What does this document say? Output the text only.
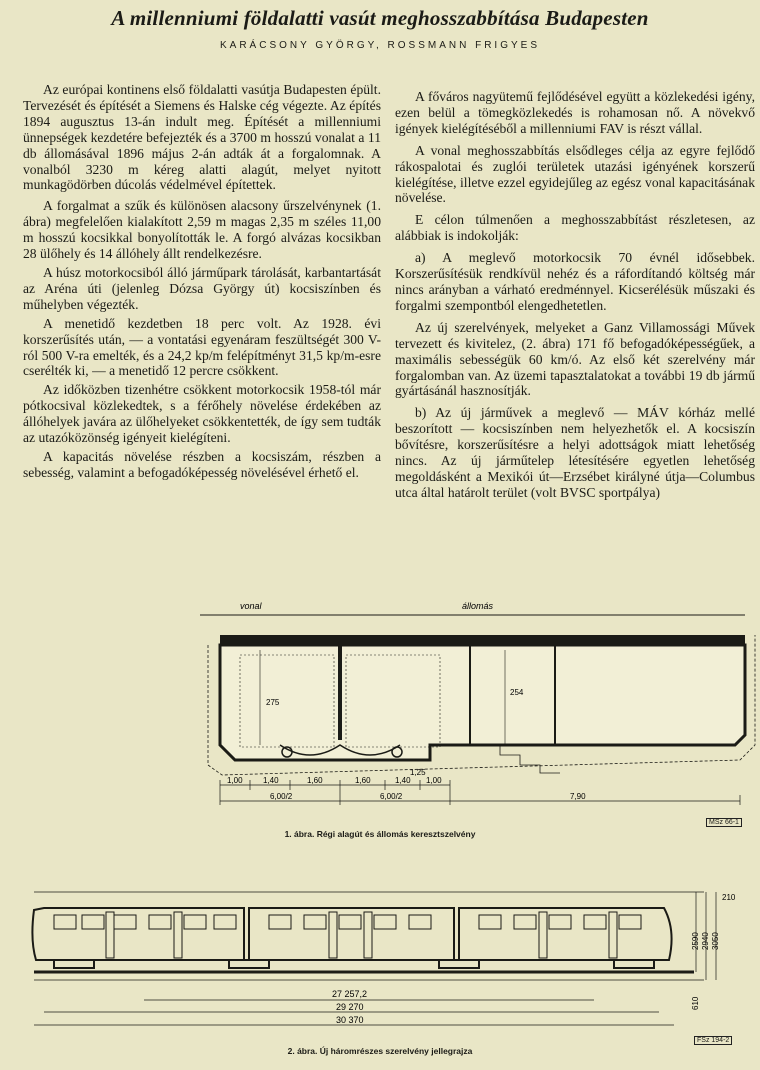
A millenniumi földalatti vasút meghosszabbítása Budapesten
KARÁCSONY GYÖRGY, ROSSMANN FRIGYES

Az európai kontinens első földalatti vasútja Budapesten épült. Tervezését és építését a Siemens és Halske cég végezte. Az építés 1894 augusztus 13-án indult meg. Építését a millenniumi ünnepségek kezdetére befejezték és a 3700 m hosszú vonalat a 11 db állomásával 1896 május 2-án adták át a forgalomnak. A vonalból 3230 m kéreg alatti alagút, melyet nyitott munkagödörben dúcolás védelmével építettek.

A forgalmat a szűk és különösen alacsony űrszelvénynek (1. ábra) megfelelően kialakított 2,59 m magas 2,35 m széles 11,00 m hosszú kocsikkal bonyolították le. A forgó alvázas kocsikban 28 ülőhely és 14 állóhely állt rendelkezésre.

A húsz motorkocsiból álló járműpark tárolását, karbantartását az Aréna úti (jelenleg Dózsa György út) kocsiszínben és műhelyben végezték.

A menetidő kezdetben 18 perc volt. Az 1928. évi korszerűsítés után, — a vontatási egyenáram feszültségét 300 V-ról 500 V-ra emelték, és a 24,2 kp/m felépítményt 31,5 kp/m-esre cserélték ki, — a menetidő 12 percre csökkent.

Az időközben tizenhétre csökkent motorkocsik 1958-tól már pótkocsival közlekedtek, s a férőhely növelése érdekében az állóhelyek javára az ülőhelyeket csökkentették, de így sem tudták az utazóközönség igényeit kielégíteni.

A kapacitás növelése részben a kocsiszám, részben a sebesség, valamint a befogadóképesség növelésével érhető el.

A főváros nagyütemű fejlődésével együtt a közlekedési igény, ezen belül a tömegközlekedés is rohamosan nő. A növekvő igények kielégítéséből a millenniumi FAV is részt vállal.

A vonal meghosszabbítás elsődleges célja az egyre fejlődő rákospalotai és zuglói területek utazási igényének korszerű kielégítése, illetve ezzel egyidejűleg az egész vonal kapacitásának növelése.

E célon túlmenően a meghosszabbítást részletesen, az alábbiak is indokolják:

a) A meglevő motorkocsik 70 évnél idősebbek. Korszerűsítésük rendkívül nehéz és a ráfordítandó költség már nincs arányban a várható eredménnyel. Kicserélésük műszaki és forgalmi szempontból elengedhetetlen.

Az új szerelvények, melyeket a Ganz Villamossági Művek tervezett és kivitelez, (2. ábra) 171 fő befogadóképességűek, a maximális sebességük 60 km/ó. Az első két szerelvény már forgalomban van. Az üzemi tapasztalatokat a további 19 db jármű gyártásánál hasznosítják.

b) Az új járművek a meglevő — MÁV kórház mellé beszorított — kocsiszínben nem helyezhetők el. A kocsiszín bővítésre, korszerűsítésre a helyi adottságok miatt lehetőség nincs. Az új járműtelep létesítésére egyetlen lehetőség megoldásként a Mexikói út—Erzsébet királyné útja—Columbus utca által határolt terület (volt BVSC sportpálya)

vonal	állomás
275
254
1,00	1,40	1,60	1,60	1,40 1,00
1,25
6,00/2	6,00/2	7,90
MSz 66-1
1. ábra. Régi alagút és állomás keresztszelvény
27 257,2
29 270
30 370
210
2590 2940 3050
610
FSz 194-2
2. ábra. Új háromrészes szerelvény jellegrajza
